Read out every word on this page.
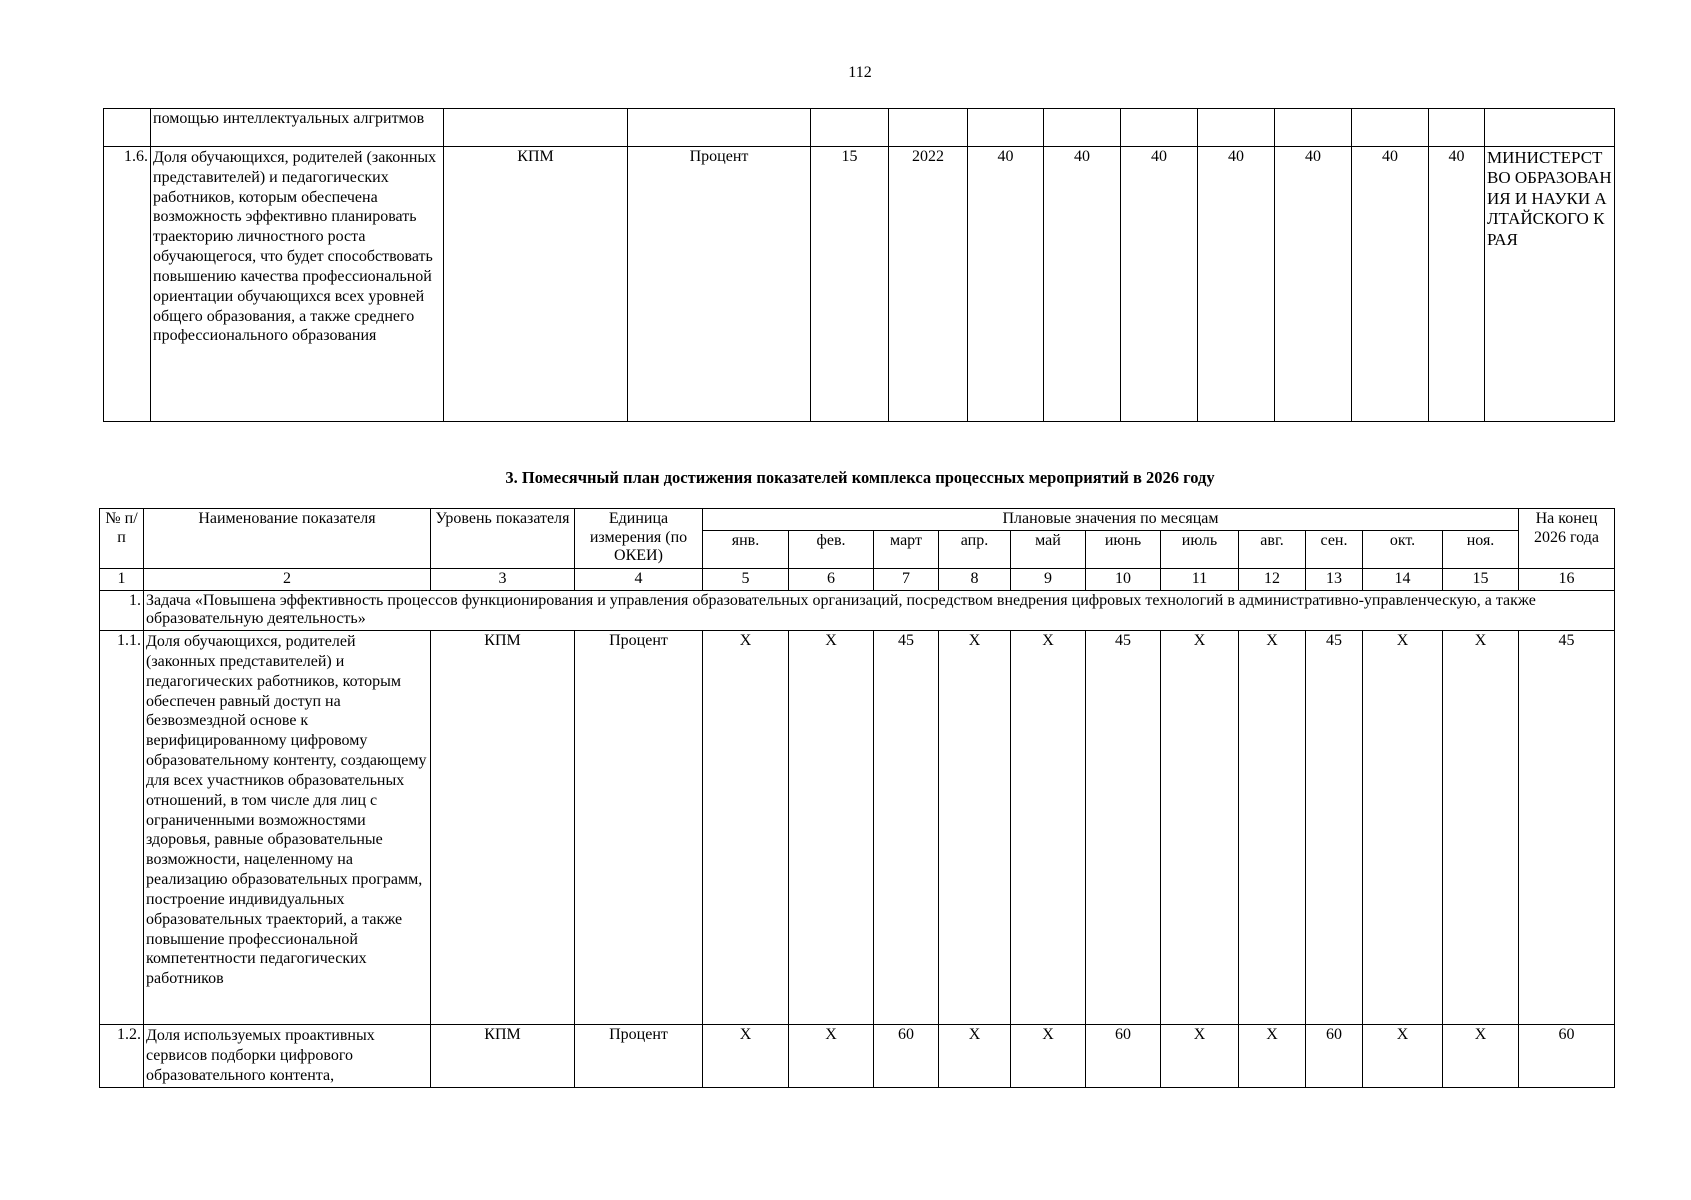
112
	помощью интеллектуальных алгритмов												
1.6.	Доля обучающихся, родителей (законных представителей) и педагогических работников, которым обеспечена возможность эффективно планировать траекторию личностного роста обучающегося, что будет способствовать повышению качества профессиональной ориентации обучающихся всех уровней общего образования, а также среднего профессионального образования	КПМ	Процент	15	2022	40	40	40	40	40	40	40	МИНИСТЕРСТВО ОБРАЗОВАНИЯ И НАУКИ АЛТАЙСКОГО КРАЯ
3. Помесячный план достижения показателей комплекса процессных мероприятий в 2026 году
№ п/п	Наименование показателя	Уровень показателя	Единица измерения (по ОКЕИ)	Плановые значения по месяцам											На конец 2026 года
				янв.	фев.	март	апр.	май	июнь	июль	авг.	сен.	окт.	ноя.	
1	2	3	4	5	6	7	8	9	10	11	12	13	14	15	16
1.	Задача «Повышена эффективность процессов функционирования и управления образовательных организаций, посредством внедрения цифровых технологий в административно-управленческую, а также образовательную деятельность»														
1.1.	Доля обучающихся, родителей (законных представителей) и педагогических работников, которым обеспечен равный доступ на безвозмездной основе к верифицированному цифровому образовательному контенту, создающему для всех участников образовательных отношений, в том числе для лиц с ограниченными возможностями здоровья, равные образовательные возможности, нацеленному на реализацию образовательных программ, построение индивидуальных образовательных траекторий, а также повышение профессиональной компетентности педагогических работников	КПМ	Процент	X	X	45	X	X	45	X	X	45	X	X	45
1.2.	Доля используемых проактивных сервисов подборки цифрового образовательного контента,	КПМ	Процент	X	X	60	X	X	60	X	X	60	X	X	60
